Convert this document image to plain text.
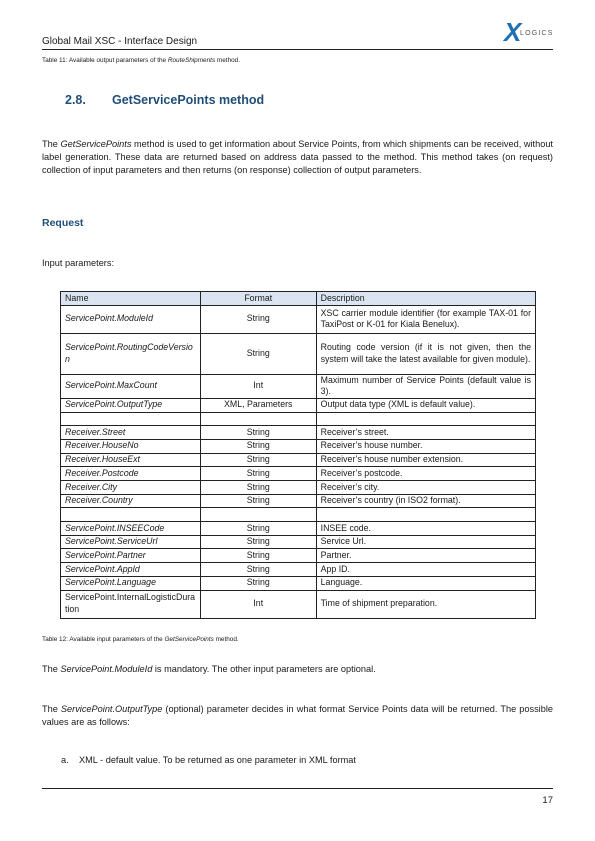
Global Mail XSC - Interface Design	X
LOGICS
Table 11: Available output parameters of the RouteShipments method.
2.8. GetServicePoints method
The GetServicePoints method is used to get information about Service Points, from which shipments can be received, without label generation. These data are returned based on address data passed to the method. This method takes (on request) collection of input parameters and then returns (on response) collection of output parameters.
Request
Input parameters:
Name	Format	Description
ServicePoint.ModuleId	String	XSC carrier module identifier (for example TAX-01 for TaxiPost or K-01 for Kiala Benelux).
ServicePoint.RoutingCodeVersion	String	Routing code version (if it is not given, then the system will take the latest available for given module).
ServicePoint.MaxCount	Int	Maximum number of Service Points (default value is 3).
ServicePoint.OutputType	XML, Parameters	Output data type (XML is default value).

Receiver.Street	String	Receiver’s street.
Receiver.HouseNo	String	Receiver’s house number.
Receiver.HouseExt	String	Receiver’s house number extension.
Receiver.Postcode	String	Receiver’s postcode.
Receiver.City	String	Receiver’s city.
Receiver.Country	String	Receiver’s country (in ISO2 format).

ServicePoint.INSEECode	String	INSEE code.
ServicePoint.ServiceUrl	String	Service Url.
ServicePoint.Partner	String	Partner.
ServicePoint.AppId	String	App ID.
ServicePoint.Language	String	Language.
ServicePoint.InternalLogisticDuration	Int	Time of shipment preparation.
Table 12: Available input parameters of the GetServicePoints method.
The ServicePoint.ModuleId is mandatory. The other input parameters are optional.
The ServicePoint.OutputType (optional) parameter decides in what format Service Points data will be returned. The possible values are as follows:
a. XML - default value. To be returned as one parameter in XML format
17
